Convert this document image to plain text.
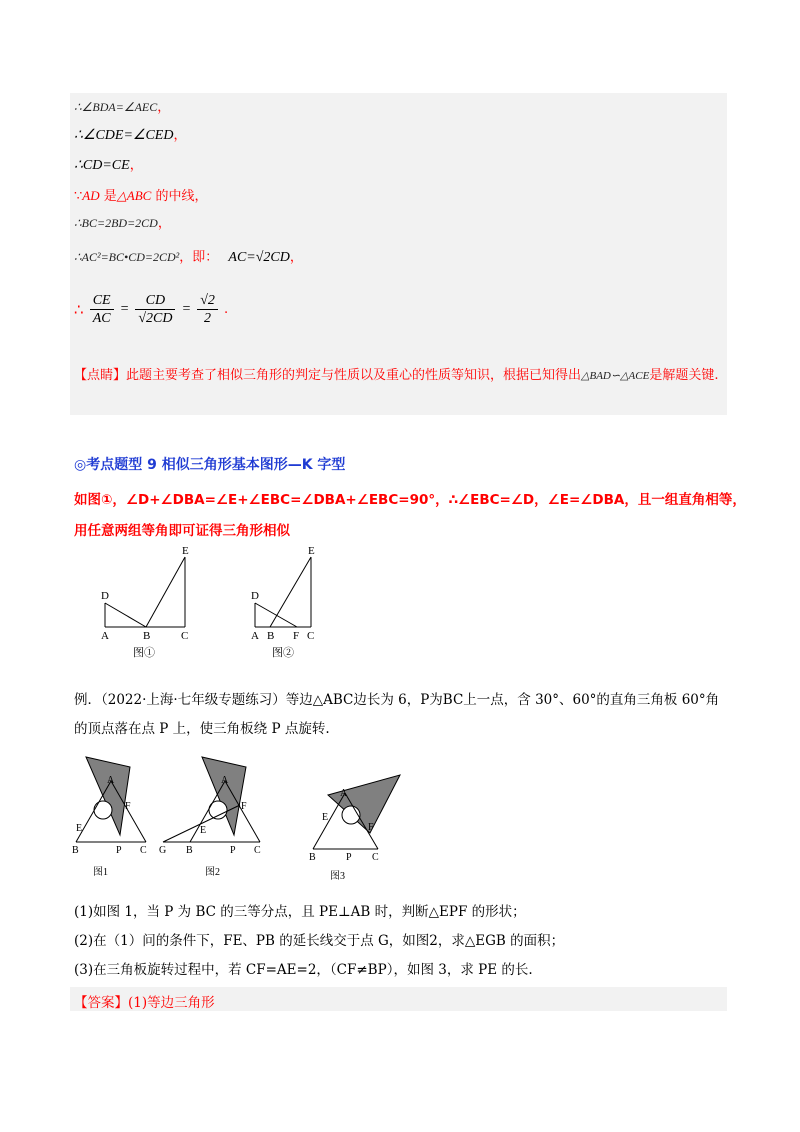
∴∠BDA=∠AEC，
∴∠CDE=∠CED，
∴CD=CE，
∵AD 是△ABC 的中线，
∴BC=2BD=2CD，
∴AC²=BC•CD=2CD²，即： AC=√2CD，
∴ $\frac{CE}{AC} = \frac{CD}{√2CD} = \frac{√2}{2}$ .
【点睛】此题主要考查了相似三角形的判定与性质以及重心的性质等知识，根据已知得出△BAD∽△ACE是解题关键.
◎考点题型 9 相似三角形基本图形—K 字型
如图①，∠D+∠DBA=∠E+∠EBC=∠DBA+∠EBC=90°，∴∠EBC=∠D，∠E=∠DBA，且一组直角相等，
用任意两组等角即可证得三角形相似
D
E
A	B	C
图①
D
E
A B F C
图②
例．（2022·上海·七年级专题练习）等边△ABC边长为 6，P为BC上一点，含 30°、60°的直角三角板 60°角
的顶点落在点 P 上，使三角板绕 P 点旋转.
A
F
E
B	P C
图1
A
F
E
G B	P C
图2
A
F
E
B	P C
图3
(1)如图 1，当 P 为 BC 的三等分点，且 PE⊥AB 时，判断△EPF 的形状；
(2)在（1）问的条件下，FE、PB 的延长线交于点 G，如图2，求△EGB 的面积；
(3)在三角板旋转过程中，若 CF=AE=2，（CF≠BP），如图 3，求 PE 的长.
【答案】(1)等边三角形
